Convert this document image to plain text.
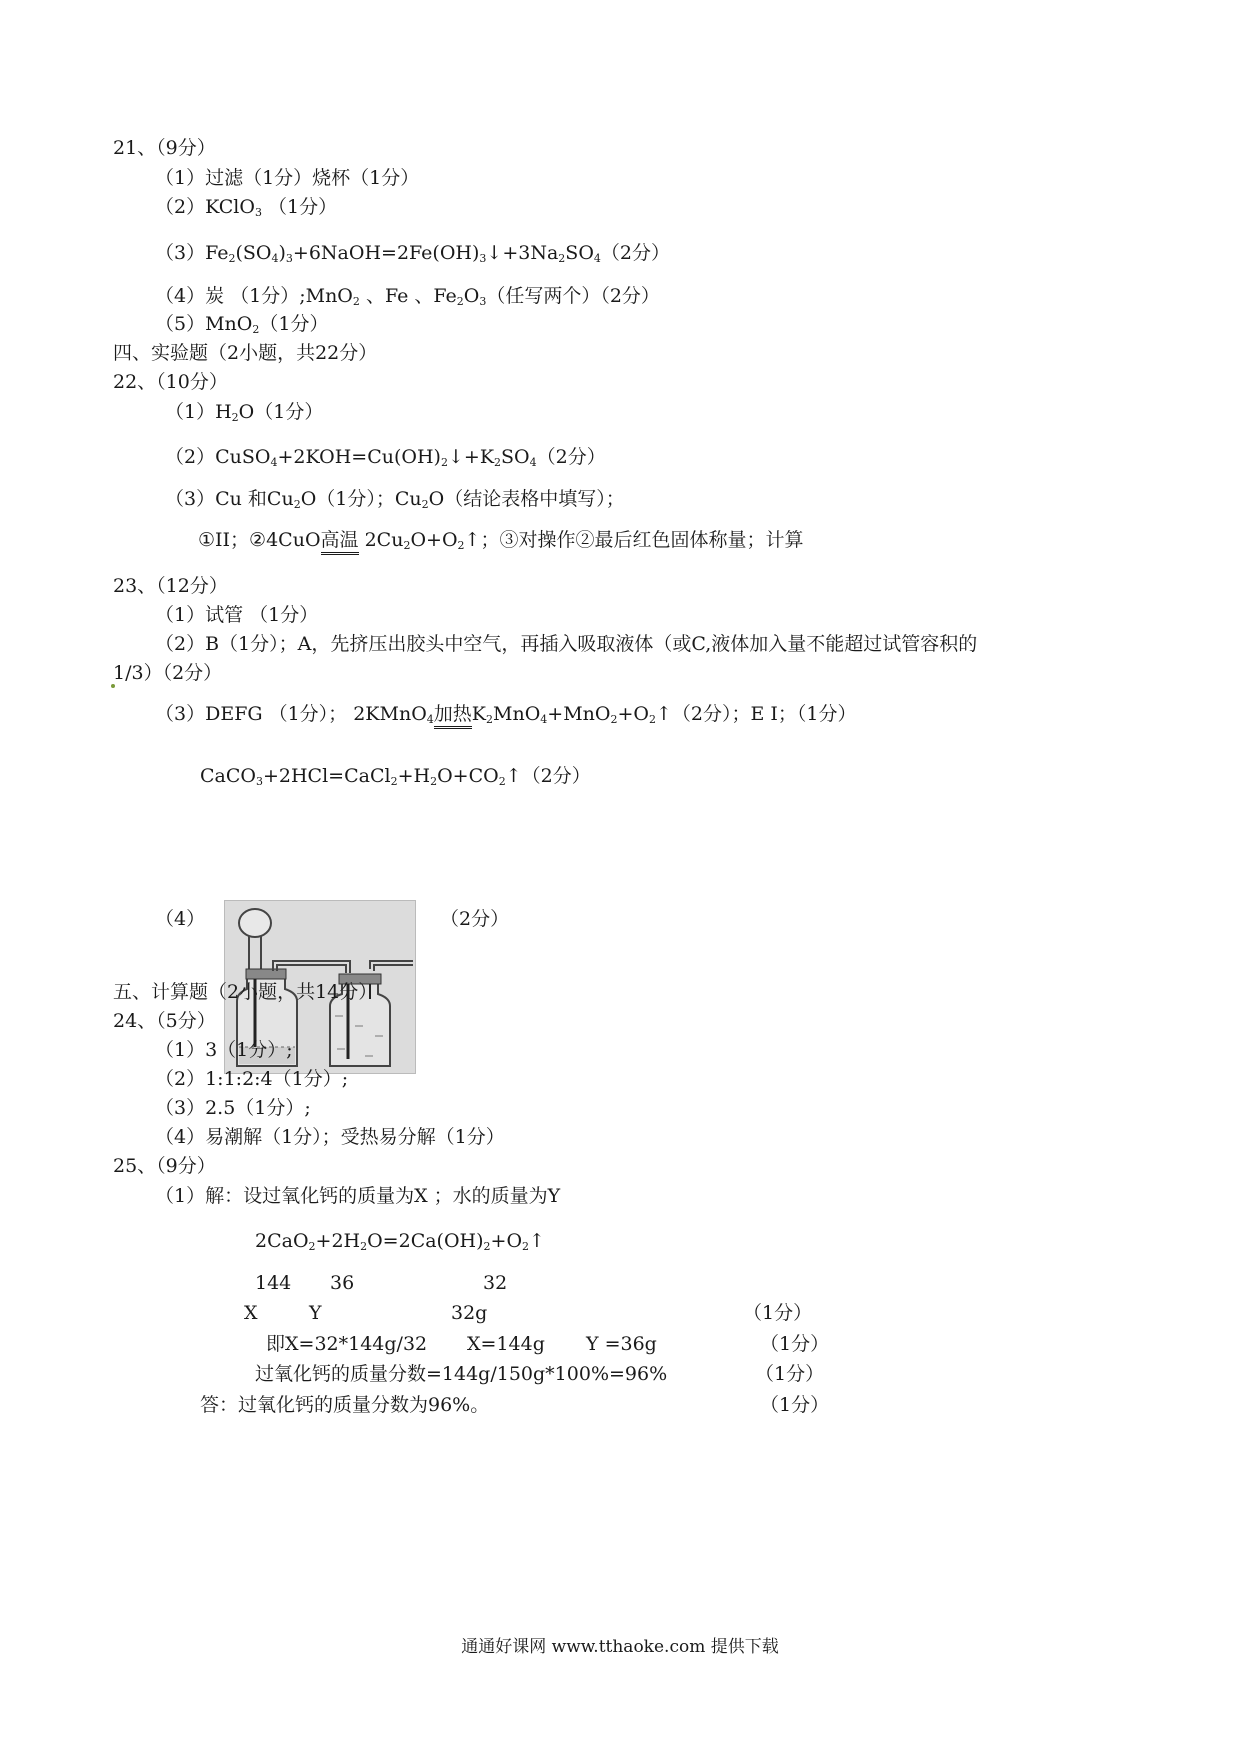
21、（9分）
（1）过滤（1分）烧杯（1分）
（2）KClO$_3$ （1分）
$(3)Fe_2(SO_4)_3+6NaOH=2Fe(OH)_3↓+3Na_2SO_4(2$分）
（4）炭 （1分）;MnO$_2$ 、Fe 、$Fe_2O_3$（任写两个）（2分）
（5）MnO$_2$（1分）
四、实验题（2小题，共22分）
22、（10分）
$(1)H_2O(1$分）
$(2)CuSO_4+2KOH=Cu(OH)_2↓+K_2SO_4(2$分）
（3）Cu 和$Cu_2O(1$分）；$Cu_2O$（结论表格中填写）；
①II；②4CuO高温 $2Cu_2O+O_2↑$；③对操作②最后红色固体称量；计算
23、（12分）
（1）试管 （1分）
（2）B（1分）；A，先挤压出胶头中空气，再插入吸取液体（或C,液体加入量不能超过试管容积的
1/3）（2分）
（3）DEFG （1分）； 2KMnO$_4$加热$K_2MnO_4+MnO_2+O_2↑(2$分）；E I；（1分）
$CaCO_3+2HCl=CaCl_2+H_2O+CO_2↑(2$分）
（4）	（2分）
五、计算题（2小题，共14分）
24、（5分）
（1）3（1分）;
（2）1:1:2:4（1分）;
（3）2.5（1分）;
（4）易潮解（1分）；受热易分解（1分）
25、（9分）
（1）解：设过氧化钙的质量为X ；水的质量为Y
$2CaO_2+2H_2O=2Ca(OH)_2+O_2↑$
144 36	32
X	Y	32g	（1分）
即X=32*144g/32 X=144g Y =36g	（1分）
过氧化钙的质量分数=144g/150g*100%=96%	（1分）
答：过氧化钙的质量分数为96%。	（1分）
通通好课网 www.tthaoke.com 提供下载
